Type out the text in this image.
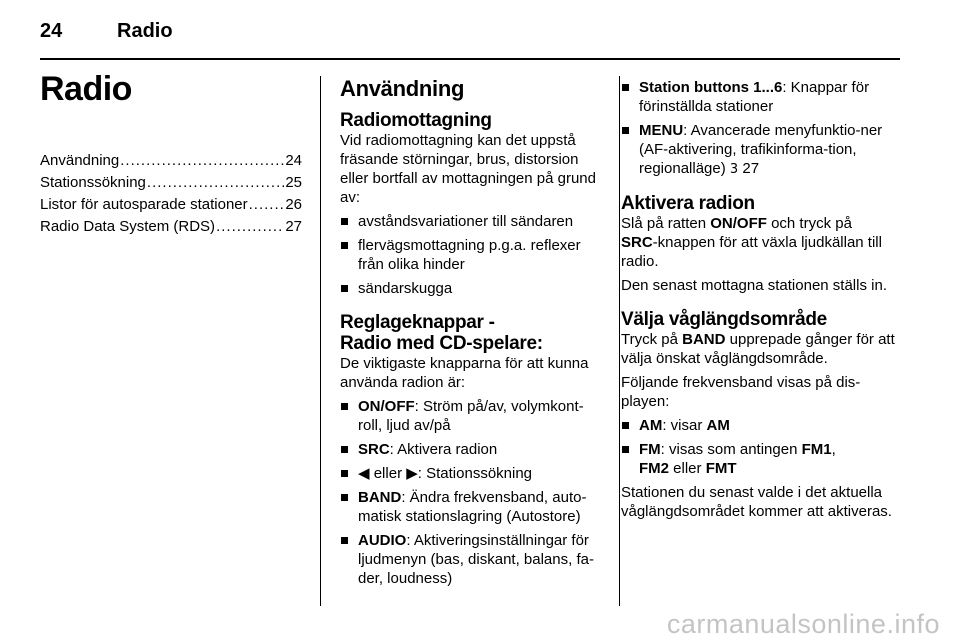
24	Radio
Radio
Användning .....	24
Stationssökning .....	25
Listor för autosparade stationer .....	26
Radio Data System (RDS) .....	27
Användning
Radiomottagning

Vid radiomottagning kan det uppstå fräsande störningar, brus, distorsion eller bortfall av mottagningen på grund av:

avståndsvariationer till sändaren
flervägsmottagning p.g.a. reflexer från olika hinder
sändarskugga
Reglageknappar -
Radio med CD-spelare:

De viktigaste knapparna för att kunna använda radion är:

ON/OFF: Ström på/av, volymkont-roll, ljud av/på
SRC: Aktivera radion
◀ eller ▶: Stationssökning
BAND: Ändra frekvensband, auto-matisk stationslagring (Autostore)
AUDIO: Aktiveringsinställningar för ljudmenyn (bas, diskant, balans, fa-der, loudness)
Station buttons 1...6: Knappar för förinställda stationer
MENU: Avancerade menyfunktio-ner (AF-aktivering, trafikinforma-tion, regionalläge) 3 27
Aktivera radion

Slå på ratten ON/OFF och tryck på
SRC-knappen för att växla ljudkällan till radio.

Den senast mottagna stationen ställs in.

Välja våglängdsområde

Tryck på BAND upprepade gånger för att välja önskat våglängdsområde.

Följande frekvensband visas på dis-playen:

AM: visar AM
FM: visas som antingen FM1,
FM2 eller FMT

Stationen du senast valde i det aktuella våglängdsområdet kommer att aktiveras.

carmanualsonline.info
